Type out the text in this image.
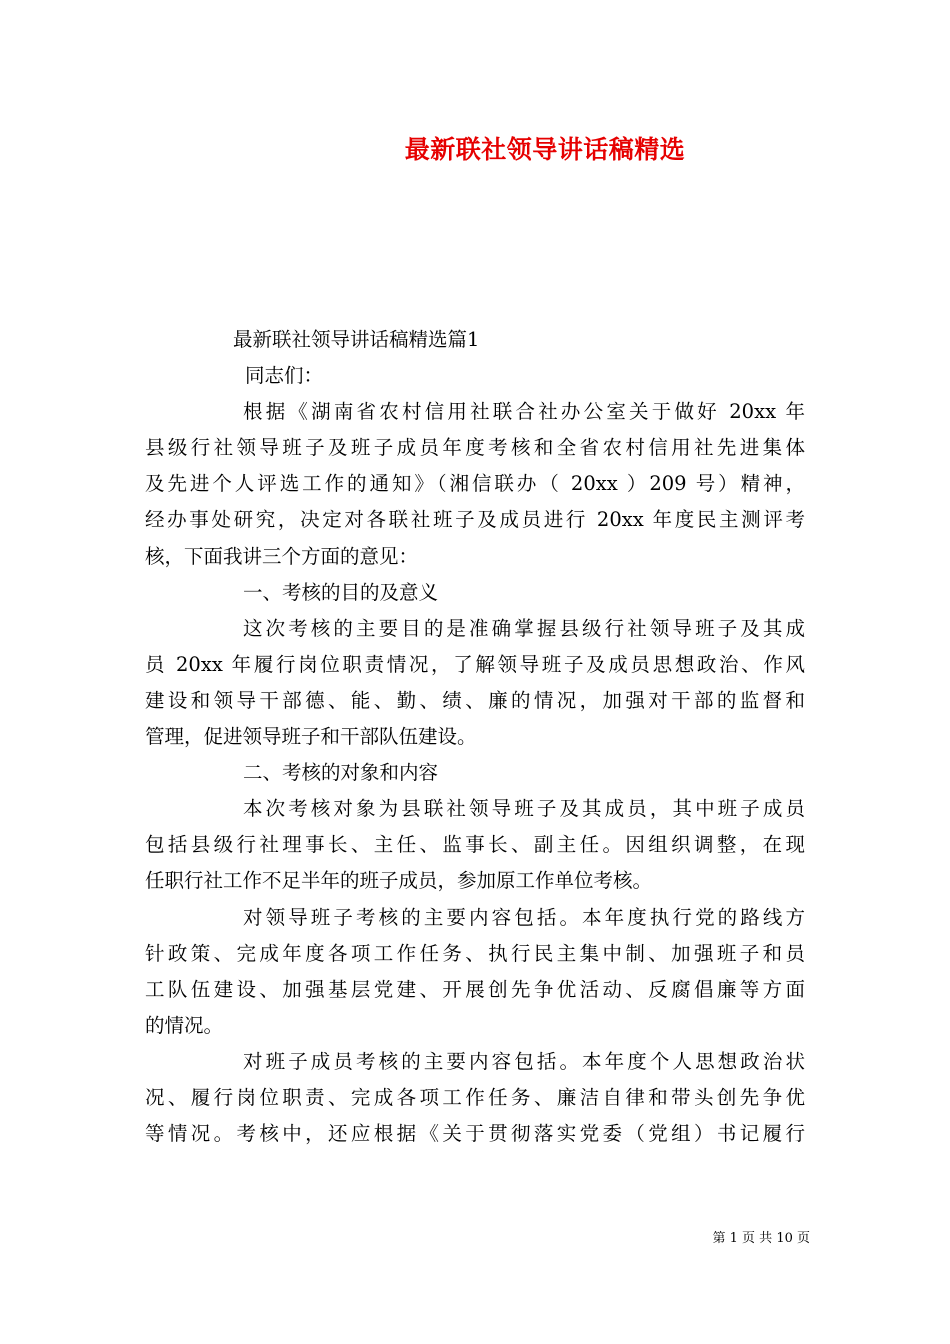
最新联社领导讲话稿精选
最新联社领导讲话稿精选篇1
同志们：
根据《湖南省农村信用社联合社办公室关于做好 20xx 年
县级行社领导班子及班子成员年度考核和全省农村信用社先进集体
及先进个人评选工作的通知》（湘信联办（ 20xx ）209 号）精神，
经办事处研究，决定对各联社班子及成员进行 20xx 年度民主测评考
核，下面我讲三个方面的意见：
一、考核的目的及意义
这次考核的主要目的是准确掌握县级行社领导班子及其成
员 20xx 年履行岗位职责情况，了解领导班子及成员思想政治、作风
建设和领导干部德、能、勤、绩、廉的情况，加强对干部的监督和
管理，促进领导班子和干部队伍建设。
二、考核的对象和内容
本次考核对象为县联社领导班子及其成员，其中班子成员
包括县级行社理事长、主任、监事长、副主任。因组织调整，在现
任职行社工作不足半年的班子成员，参加原工作单位考核。
对领导班子考核的主要内容包括。本年度执行党的路线方
针政策、完成年度各项工作任务、执行民主集中制、加强班子和员
工队伍建设、加强基层党建、开展创先争优活动、反腐倡廉等方面
的情况。
对班子成员考核的主要内容包括。本年度个人思想政治状
况、履行岗位职责、完成各项工作任务、廉洁自律和带头创先争优
等情况。考核中，还应根据《关于贯彻落实党委（党组）书记履行
第 1 页 共 10 页
